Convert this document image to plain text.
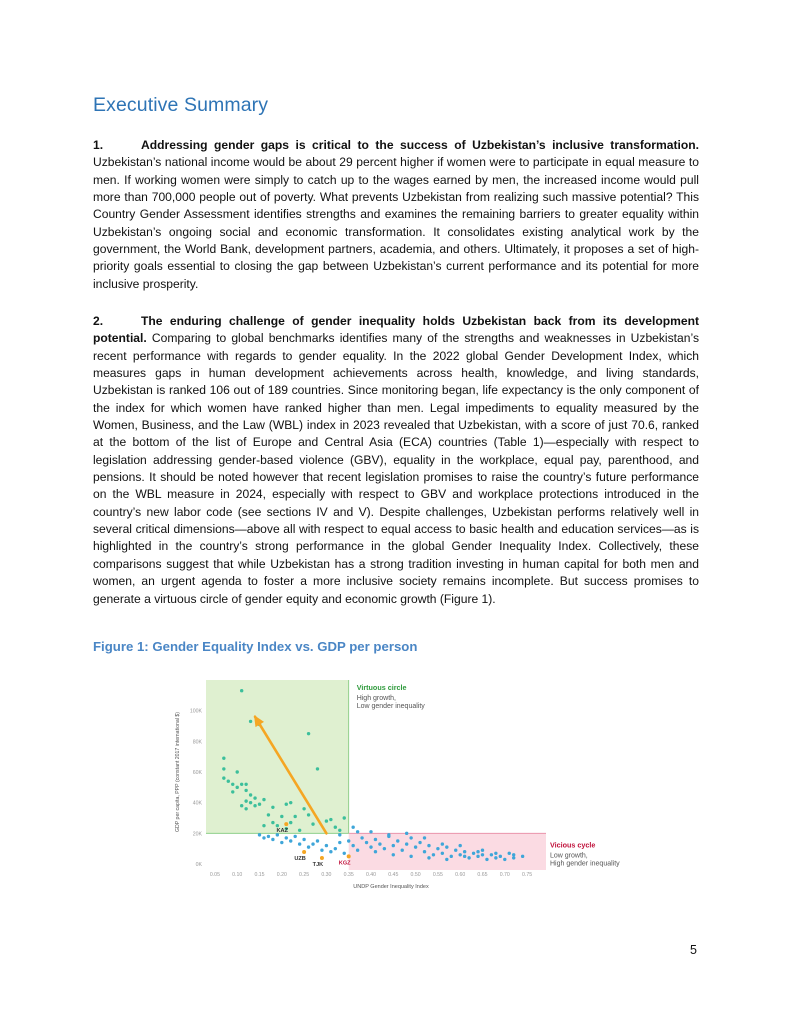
Executive Summary

1.	Addressing gender gaps is critical to the success of Uzbekistan’s inclusive transformation. Uzbekistan’s national income would be about 29 percent higher if women were to participate in equal measure to men. If working women were simply to catch up to the wages earned by men, the increased income would pull more than 700,000 people out of poverty. What prevents Uzbekistan from realizing such massive potential? This Country Gender Assessment identifies strengths and examines the remaining barriers to greater equality within Uzbekistan’s ongoing social and economic transformation. It consolidates existing analytical work by the government, the World Bank, development partners, academia, and others. Ultimately, it proposes a set of high-priority goals essential to closing the gap between Uzbekistan’s current performance and its potential for more inclusive prosperity.

2.	The enduring challenge of gender inequality holds Uzbekistan back from its development potential. Comparing to global benchmarks identifies many of the strengths and weaknesses in Uzbekistan’s recent performance with regards to gender equality. In the 2022 global Gender Development Index, which measures gaps in human development achievements across health, knowledge, and living standards, Uzbekistan is ranked 106 out of 189 countries. Since monitoring began, life expectancy is the only component of the index for which women have ranked higher than men. Legal impediments to equality measured by the Women, Business, and the Law (WBL) index in 2023 revealed that Uzbekistan, with a score of just 70.6, ranked at the bottom of the list of Europe and Central Asia (ECA) countries (Table 1)—especially with respect to legislation addressing gender-based violence (GBV), equality in the workplace, equal pay, parenthood, and pensions. It should be noted however that recent legislation promises to raise the country’s future performance on the WBL measure in 2024, especially with respect to GBV and workplace protections introduced in the country’s new labor code (see sections IV and V). Despite challenges, Uzbekistan performs relatively well in several critical dimensions—above all with respect to equal access to basic health and education services—as is highlighted in the country’s strong performance in the global Gender Inequality Index. Collectively, these comparisons suggest that while Uzbekistan has a strong tradition investing in human capital for both men and women, an urgent agenda to foster a more inclusive society remains incomplete. But success promises to generate a virtuous circle of gender equity and economic growth (Figure 1).

Figure 1: Gender Equality Index vs. GDP per person
0K
20K
40K
60K
80K
100K
0.05 0.10 0.15 0.20 0.25 0.30 0.35 0.40 0.45 0.50 0.55 0.60 0.65 0.70 0.75
UNDP Gender Inequality Index
GDP per capita, PPP (constant 2017 international $)	KAZ
UZB
TJK	KGZ
Virtuous circle
High growth,
Low gender inequality
Vicious cycle
Low growth,
High gender inequality
5
